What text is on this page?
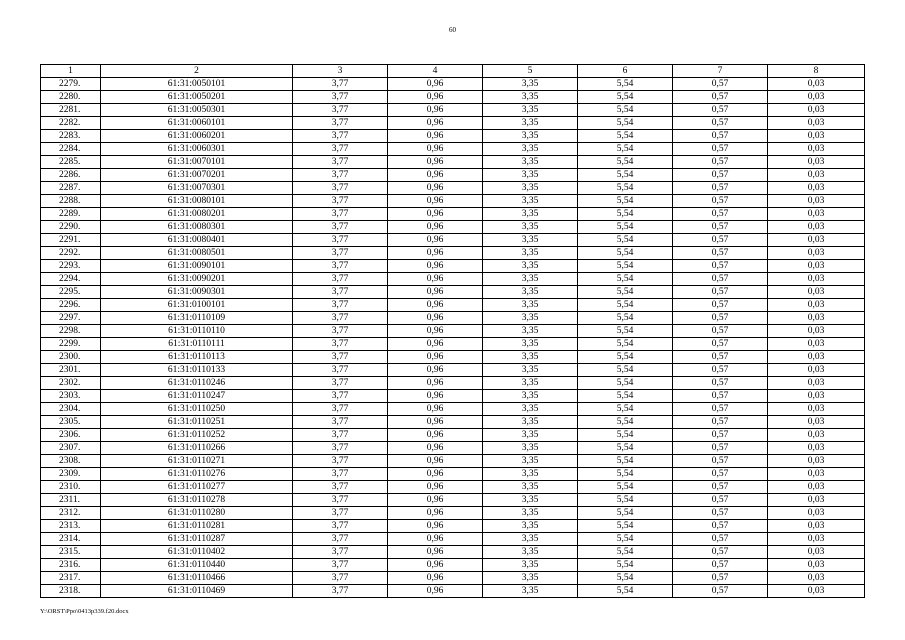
60
1	2	3	4	5	6	7	8
2279.	61:31:0050101	3,77	0,96	3,35	5,54	0,57	0,03
2280.	61:31:0050201	3,77	0,96	3,35	5,54	0,57	0,03
2281.	61:31:0050301	3,77	0,96	3,35	5,54	0,57	0,03
2282.	61:31:0060101	3,77	0,96	3,35	5,54	0,57	0,03
2283.	61:31:0060201	3,77	0,96	3,35	5,54	0,57	0,03
2284.	61:31:0060301	3,77	0,96	3,35	5,54	0,57	0,03
2285.	61:31:0070101	3,77	0,96	3,35	5,54	0,57	0,03
2286.	61:31:0070201	3,77	0,96	3,35	5,54	0,57	0,03
2287.	61:31:0070301	3,77	0,96	3,35	5,54	0,57	0,03
2288.	61:31:0080101	3,77	0,96	3,35	5,54	0,57	0,03
2289.	61:31:0080201	3,77	0,96	3,35	5,54	0,57	0,03
2290.	61:31:0080301	3,77	0,96	3,35	5,54	0,57	0,03
2291.	61:31:0080401	3,77	0,96	3,35	5,54	0,57	0,03
2292.	61:31:0080501	3,77	0,96	3,35	5,54	0,57	0,03
2293.	61:31:0090101	3,77	0,96	3,35	5,54	0,57	0,03
2294.	61:31:0090201	3,77	0,96	3,35	5,54	0,57	0,03
2295.	61:31:0090301	3,77	0,96	3,35	5,54	0,57	0,03
2296.	61:31:0100101	3,77	0,96	3,35	5,54	0,57	0,03
2297.	61:31:0110109	3,77	0,96	3,35	5,54	0,57	0,03
2298.	61:31:0110110	3,77	0,96	3,35	5,54	0,57	0,03
2299.	61:31:0110111	3,77	0,96	3,35	5,54	0,57	0,03
2300.	61:31:0110113	3,77	0,96	3,35	5,54	0,57	0,03
2301.	61:31:0110133	3,77	0,96	3,35	5,54	0,57	0,03
2302.	61:31:0110246	3,77	0,96	3,35	5,54	0,57	0,03
2303.	61:31:0110247	3,77	0,96	3,35	5,54	0,57	0,03
2304.	61:31:0110250	3,77	0,96	3,35	5,54	0,57	0,03
2305.	61:31:0110251	3,77	0,96	3,35	5,54	0,57	0,03
2306.	61:31:0110252	3,77	0,96	3,35	5,54	0,57	0,03
2307.	61:31:0110266	3,77	0,96	3,35	5,54	0,57	0,03
2308.	61:31:0110271	3,77	0,96	3,35	5,54	0,57	0,03
2309.	61:31:0110276	3,77	0,96	3,35	5,54	0,57	0,03
2310.	61:31:0110277	3,77	0,96	3,35	5,54	0,57	0,03
2311.	61:31:0110278	3,77	0,96	3,35	5,54	0,57	0,03
2312.	61:31:0110280	3,77	0,96	3,35	5,54	0,57	0,03
2313.	61:31:0110281	3,77	0,96	3,35	5,54	0,57	0,03
2314.	61:31:0110287	3,77	0,96	3,35	5,54	0,57	0,03
2315.	61:31:0110402	3,77	0,96	3,35	5,54	0,57	0,03
2316.	61:31:0110440	3,77	0,96	3,35	5,54	0,57	0,03
2317.	61:31:0110466	3,77	0,96	3,35	5,54	0,57	0,03
2318.	61:31:0110469	3,77	0,96	3,35	5,54	0,57	0,03
Y:\ORST\Ppo\0413p339.f20.docx
